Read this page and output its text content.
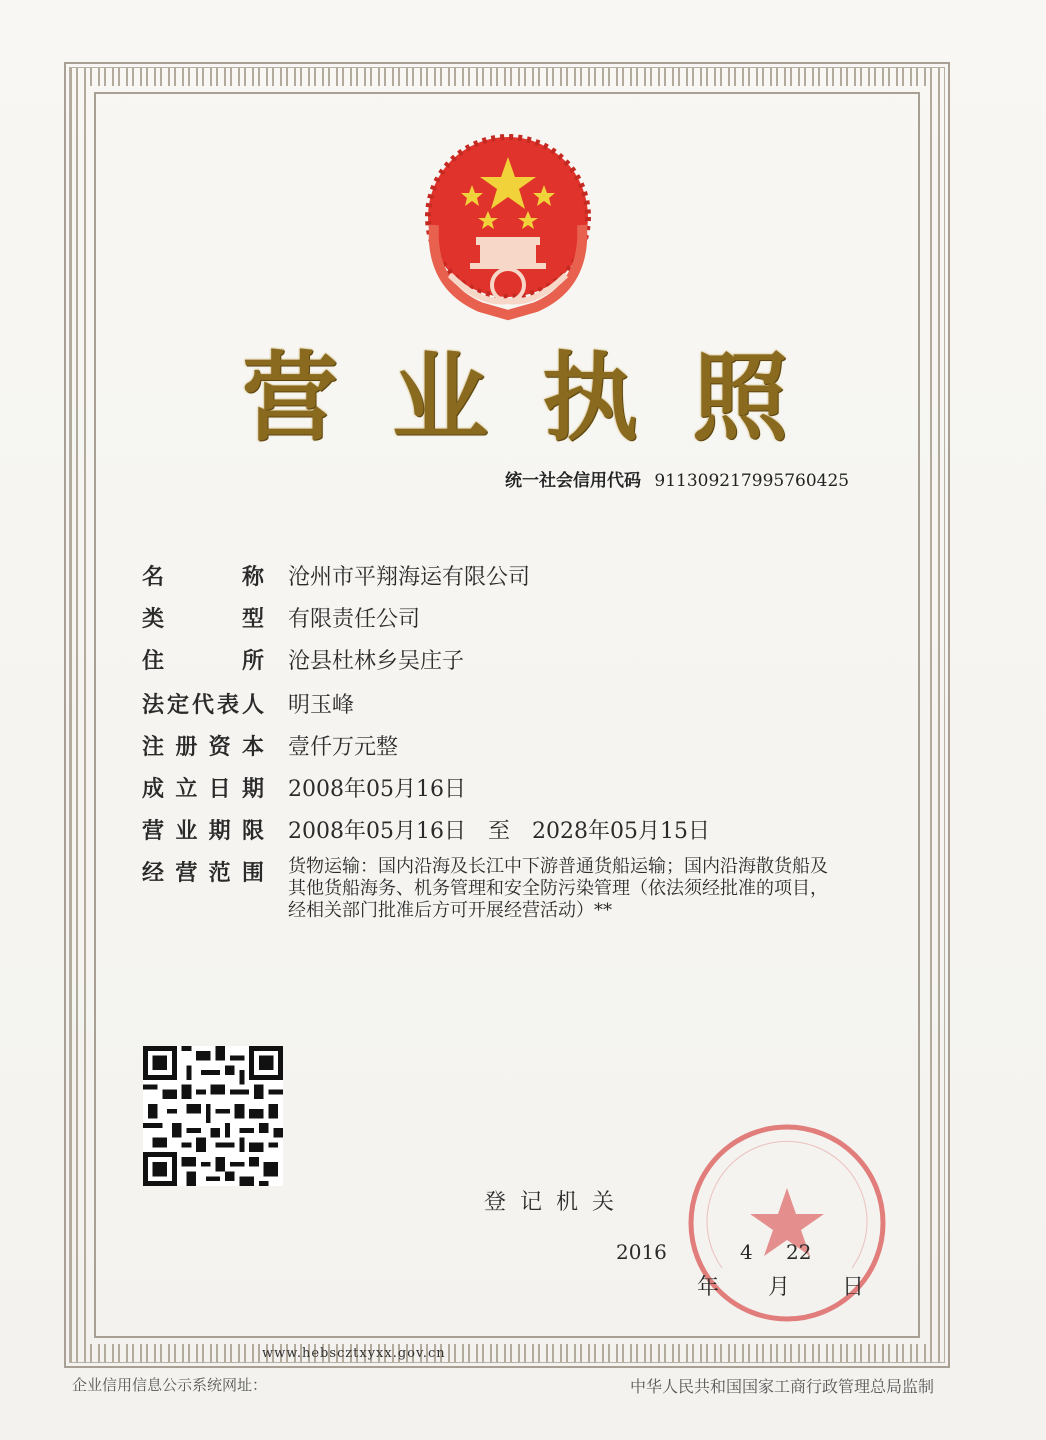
营 业 执 照
统一社会信用代码 911309217995760425
名	称 沧州市平翔海运有限公司
类	型 有限责任公司
住	所 沧县杜林乡吴庄子
法 定 代 表 人 明玉峰
注 册 资 本 壹仟万元整
成 立 日 期 2008年05月16日
营 业 期 限 2008年05月16日　至　2028年05月15日
经 营 范 围 货物运输：国内沿海及长江中下游普通货船运输；国内沿海散货船及其他货船海务、机务管理和安全防污染管理（依法须经批准的项目，经相关部门批准后方可开展经营活动）**
登记机关
2016	4 22
年 月 日
www.hebscztxyxx.gov.cn
企业信用信息公示系统网址：	中华人民共和国国家工商行政管理总局监制
